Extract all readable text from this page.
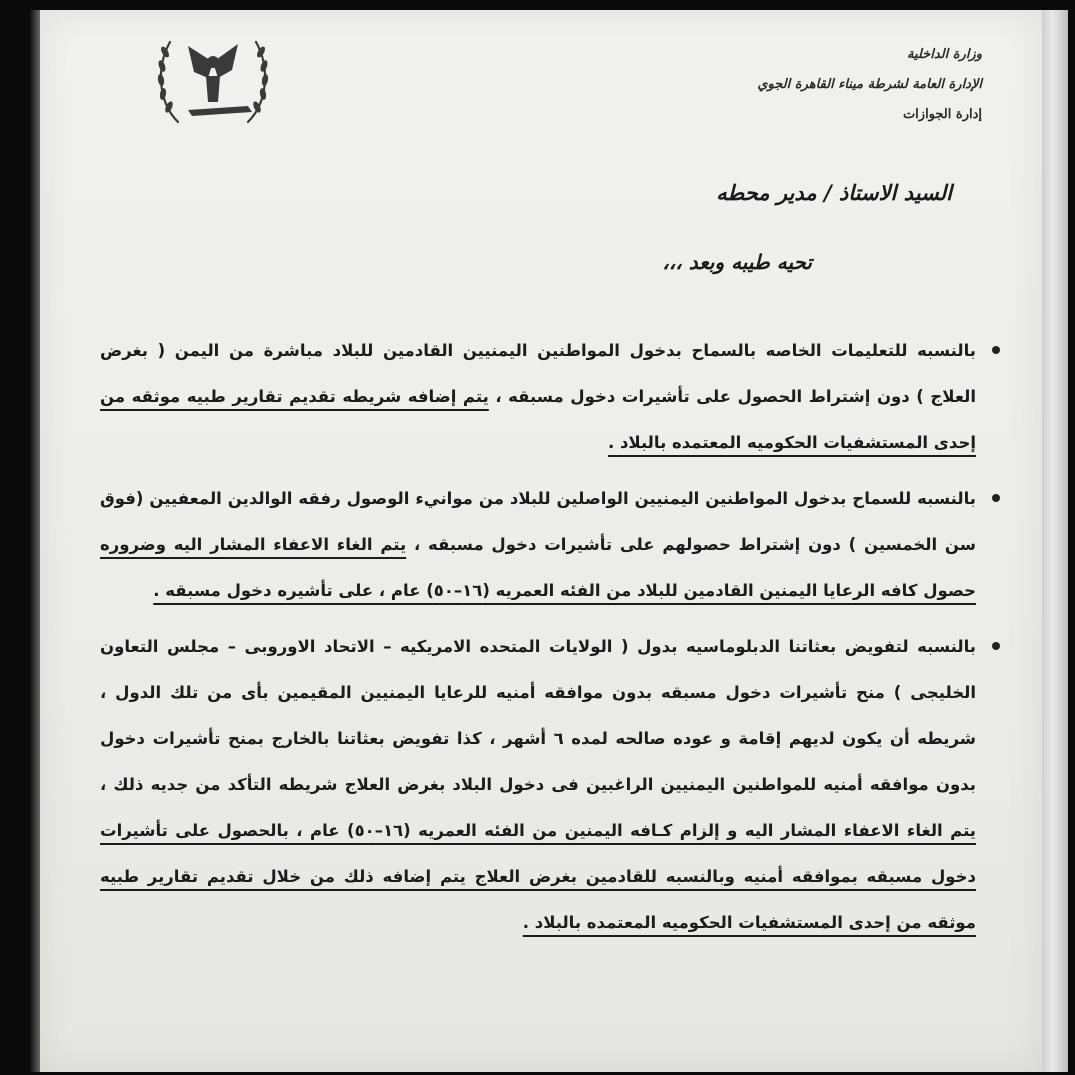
وزارة الداخلية
الإدارة العامة لشرطة ميناء القاهرة الجوي
إدارة الجوازات
السيد الاستاذ / مدير محطه
تحيه طيبه وبعد ،،،
بالنسبه للتعليمات الخاصه بالسماح بدخول المواطنين اليمنيين القادمين للبلاد مباشرة من اليمن ( بغرض العلاج ) دون إشتراط الحصول على تأشيرات دخول مسبقه ، يتم إضافه شريطه تقديم تقارير طبيه موثقه من إحدى المستشفيات الحكوميه المعتمده بالبلاد .
بالنسبه للسماح بدخول المواطنين اليمنيين الواصلين للبلاد من موانيء الوصول رفقه الوالدين المعفيين (فوق سن الخمسين ) دون إشتراط حصولهم على تأشيرات دخول مسبقه ، يتم الغاء الاعفاء المشار اليه وضروره حصول كافه الرعايا اليمنين القادمين للبلاد من الفئه العمريه (١٦–٥٠) عام ، على تأشيره دخول مسبقه .
بالنسبه لتفويض بعثاتنا الدبلوماسيه بدول ( الولايات المتحده الامريكيه – الاتحاد الاوروبى – مجلس التعاون الخليجى ) منح تأشيرات دخول مسبقه بدون موافقه أمنيه للرعايا اليمنيين المقيمين بأى من تلك الدول ، شريطه أن يكون لديهم إقامة و عوده صالحه لمده ٦ أشهر ، كذا تفويض بعثاتنا بالخارج بمنح تأشيرات دخول بدون موافقه أمنيه للمواطنين اليمنيين الراغبين فى دخول البلاد بغرض العلاج شريطه التأكد من جديه ذلك ، يتم الغاء الاعفاء المشار اليه و إلزام كـافه اليمنين من الفئه العمريه (١٦–٥٠) عام ، بالحصول على تأشيرات دخول مسبقه بموافقه أمنيه وبالنسبه للقادمين بغرض العلاج يتم إضافه ذلك من خلال تقديم تقارير طبيه موثقه من إحدى المستشفيات الحكوميه المعتمده بالبلاد .
